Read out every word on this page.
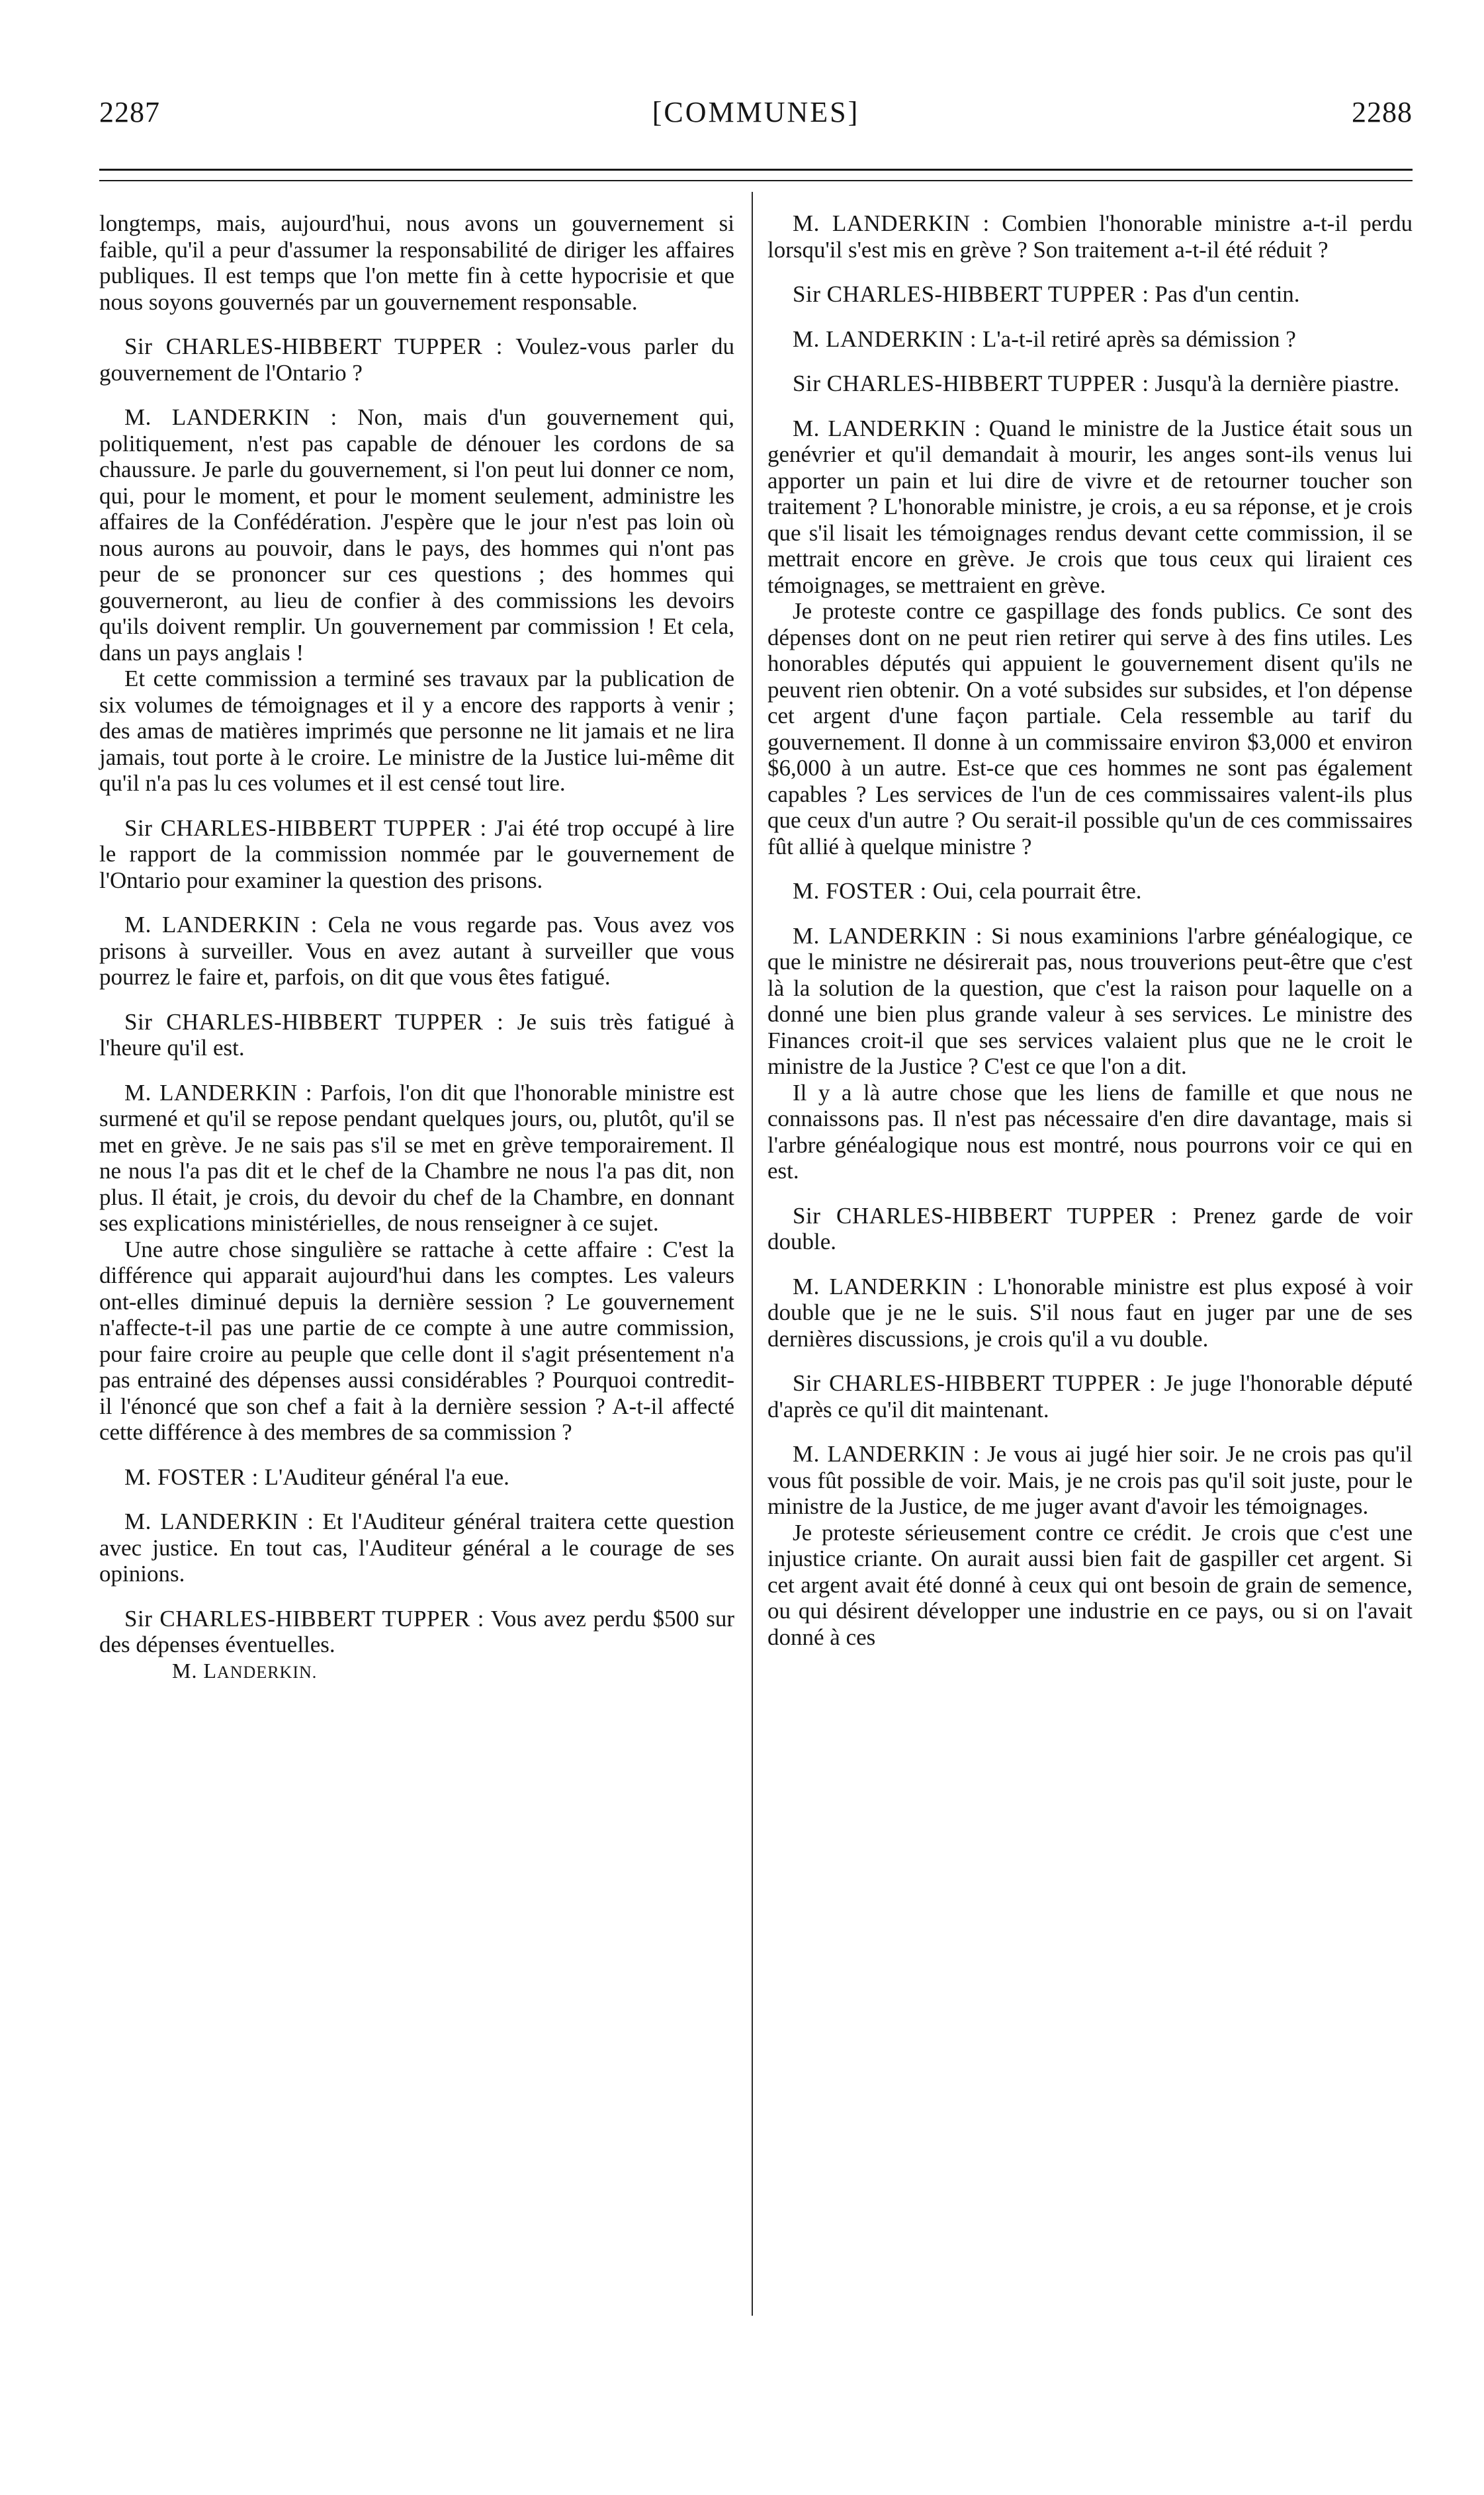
2287	[COMMUNES]	2288

longtemps, mais, aujourd'hui, nous avons un gouvernement si faible, qu'il a peur d'assumer la responsabilité de diriger les affaires publiques. Il est temps que l'on mette fin à cette hypocrisie et que nous soyons gouvernés par un gouvernement responsable.

Sir CHARLES-HIBBERT TUPPER : Voulez-vous parler du gouvernement de l'Ontario ?

M. LANDERKIN : Non, mais d'un gouvernement qui, politiquement, n'est pas capable de dénouer les cordons de sa chaussure. Je parle du gouvernement, si l'on peut lui donner ce nom, qui, pour le moment, et pour le moment seulement, administre les affaires de la Confédération. J'espère que le jour n'est pas loin où nous aurons au pouvoir, dans le pays, des hommes qui n'ont pas peur de se prononcer sur ces questions ; des hommes qui gouverneront, au lieu de confier à des commissions les devoirs qu'ils doivent remplir. Un gouvernement par commission ! Et cela, dans un pays anglais !

Et cette commission a terminé ses travaux par la publication de six volumes de témoignages et il y a encore des rapports à venir ; des amas de matières imprimés que personne ne lit jamais et ne lira jamais, tout porte à le croire. Le ministre de la Justice lui-même dit qu'il n'a pas lu ces volumes et il est censé tout lire.

Sir CHARLES-HIBBERT TUPPER : J'ai été trop occupé à lire le rapport de la commission nommée par le gouvernement de l'Ontario pour examiner la question des prisons.

M. LANDERKIN : Cela ne vous regarde pas. Vous avez vos prisons à surveiller. Vous en avez autant à surveiller que vous pourrez le faire et, parfois, on dit que vous êtes fatigué.

Sir CHARLES-HIBBERT TUPPER : Je suis très fatigué à l'heure qu'il est.

M. LANDERKIN : Parfois, l'on dit que l'honorable ministre est surmené et qu'il se repose pendant quelques jours, ou, plutôt, qu'il se met en grève. Je ne sais pas s'il se met en grève temporairement. Il ne nous l'a pas dit et le chef de la Chambre ne nous l'a pas dit, non plus. Il était, je crois, du devoir du chef de la Chambre, en donnant ses explications ministérielles, de nous renseigner à ce sujet.

Une autre chose singulière se rattache à cette affaire : C'est la différence qui apparait aujourd'hui dans les comptes. Les valeurs ont-elles diminué depuis la dernière session ? Le gouvernement n'affecte-t-il pas une partie de ce compte à une autre commission, pour faire croire au peuple que celle dont il s'agit présentement n'a pas entrainé des dépenses aussi considérables ? Pourquoi contredit-il l'énoncé que son chef a fait à la dernière session ? A-t-il affecté cette différence à des membres de sa commission ?

M. FOSTER : L'Auditeur général l'a eue.

M. LANDERKIN : Et l'Auditeur général traitera cette question avec justice. En tout cas, l'Auditeur général a le courage de ses opinions.

Sir CHARLES-HIBBERT TUPPER : Vous avez perdu $500 sur des dépenses éventuelles.

M. LANDERKIN.

M. LANDERKIN : Combien l'honorable ministre a-t-il perdu lorsqu'il s'est mis en grève ? Son traitement a-t-il été réduit ?

Sir CHARLES-HIBBERT TUPPER : Pas d'un centin.

M. LANDERKIN : L'a-t-il retiré après sa démission ?

Sir CHARLES-HIBBERT TUPPER : Jusqu'à la dernière piastre.

M. LANDERKIN : Quand le ministre de la Justice était sous un genévrier et qu'il demandait à mourir, les anges sont-ils venus lui apporter un pain et lui dire de vivre et de retourner toucher son traitement ? L'honorable ministre, je crois, a eu sa réponse, et je crois que s'il lisait les témoignages rendus devant cette commission, il se mettrait encore en grève. Je crois que tous ceux qui liraient ces témoignages, se mettraient en grève.

Je proteste contre ce gaspillage des fonds publics. Ce sont des dépenses dont on ne peut rien retirer qui serve à des fins utiles. Les honorables députés qui appuient le gouvernement disent qu'ils ne peuvent rien obtenir. On a voté subsides sur subsides, et l'on dépense cet argent d'une façon partiale. Cela ressemble au tarif du gouvernement. Il donne à un commissaire environ $3,000 et environ $6,000 à un autre. Est-ce que ces hommes ne sont pas également capables ? Les services de l'un de ces commissaires valent-ils plus que ceux d'un autre ? Ou serait-il possible qu'un de ces commissaires fût allié à quelque ministre ?

M. FOSTER : Oui, cela pourrait être.

M. LANDERKIN : Si nous examinions l'arbre généalogique, ce que le ministre ne désirerait pas, nous trouverions peut-être que c'est là la solution de la question, que c'est la raison pour laquelle on a donné une bien plus grande valeur à ses services. Le ministre des Finances croit-il que ses services valaient plus que ne le croit le ministre de la Justice ? C'est ce que l'on a dit.

Il y a là autre chose que les liens de famille et que nous ne connaissons pas. Il n'est pas nécessaire d'en dire davantage, mais si l'arbre généalogique nous est montré, nous pourrons voir ce qui en est.

Sir CHARLES-HIBBERT TUPPER : Prenez garde de voir double.

M. LANDERKIN : L'honorable ministre est plus exposé à voir double que je ne le suis. S'il nous faut en juger par une de ses dernières discussions, je crois qu'il a vu double.

Sir CHARLES-HIBBERT TUPPER : Je juge l'honorable député d'après ce qu'il dit maintenant.

M. LANDERKIN : Je vous ai jugé hier soir. Je ne crois pas qu'il vous fût possible de voir. Mais, je ne crois pas qu'il soit juste, pour le ministre de la Justice, de me juger avant d'avoir les témoignages.

Je proteste sérieusement contre ce crédit. Je crois que c'est une injustice criante. On aurait aussi bien fait de gaspiller cet argent. Si cet argent avait été donné à ceux qui ont besoin de grain de semence, ou qui désirent développer une industrie en ce pays, ou si on l'avait donné à ces
